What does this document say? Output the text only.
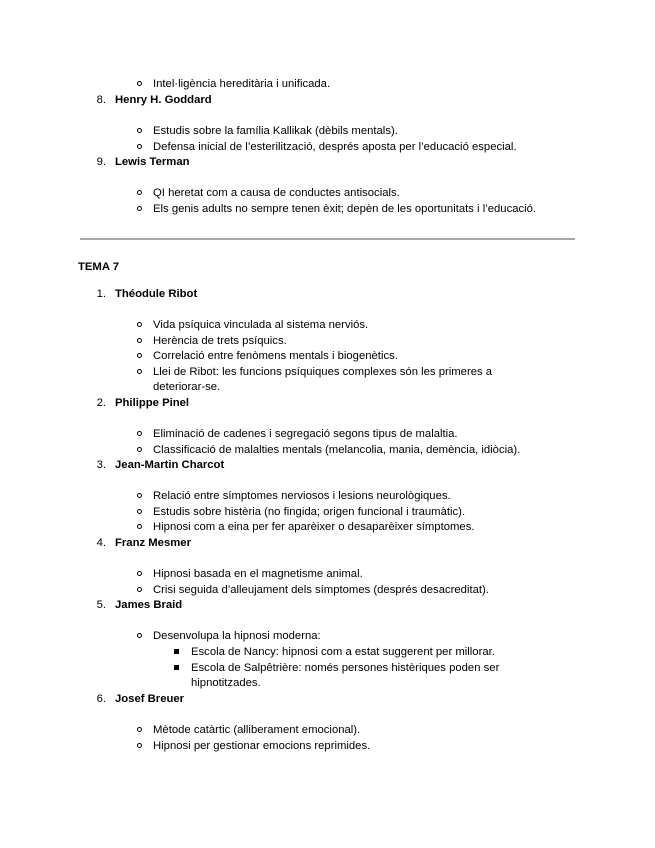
Intel·ligència hereditària i unificada.
8. Henry H. Goddard
Estudis sobre la família Kallikak (dèbils mentals).
Defensa inicial de l’esterilització, després aposta per l’educació especial.
9. Lewis Terman
QI heretat com a causa de conductes antisocials.
Els genis adults no sempre tenen èxit; depèn de les oportunitats i l’educació.
TEMA 7
1. Théodule Ribot
Vida psíquica vinculada al sistema nerviós.
Herència de trets psíquics.
Correlació entre fenòmens mentals i biogenètics.
Llei de Ribot: les funcions psíquiques complexes són les primeres a
deteriorar-se.
2. Philippe Pinel
Eliminació de cadenes i segregació segons tipus de malaltia.
Classificació de malalties mentals (melancolia, mania, demència, idiòcia).
3. Jean-Martin Charcot
Relació entre símptomes nerviosos i lesions neurològiques.
Estudis sobre histèria (no fingida; origen funcional i traumàtic).
Hipnosi com a eina per fer aparèixer o desaparèixer símptomes.
4. Franz Mesmer
Hipnosi basada en el magnetisme animal.
Crisi seguida d’alleujament dels símptomes (després desacreditat).
5. James Braid
Desenvolupa la hipnosi moderna:
Escola de Nancy: hipnosi com a estat suggerent per millorar.
Escola de Salpêtrière: només persones histèriques poden ser
hipnotitzades.
6. Josef Breuer
Mètode catàrtic (alliberament emocional).
Hipnosi per gestionar emocions reprimides.
